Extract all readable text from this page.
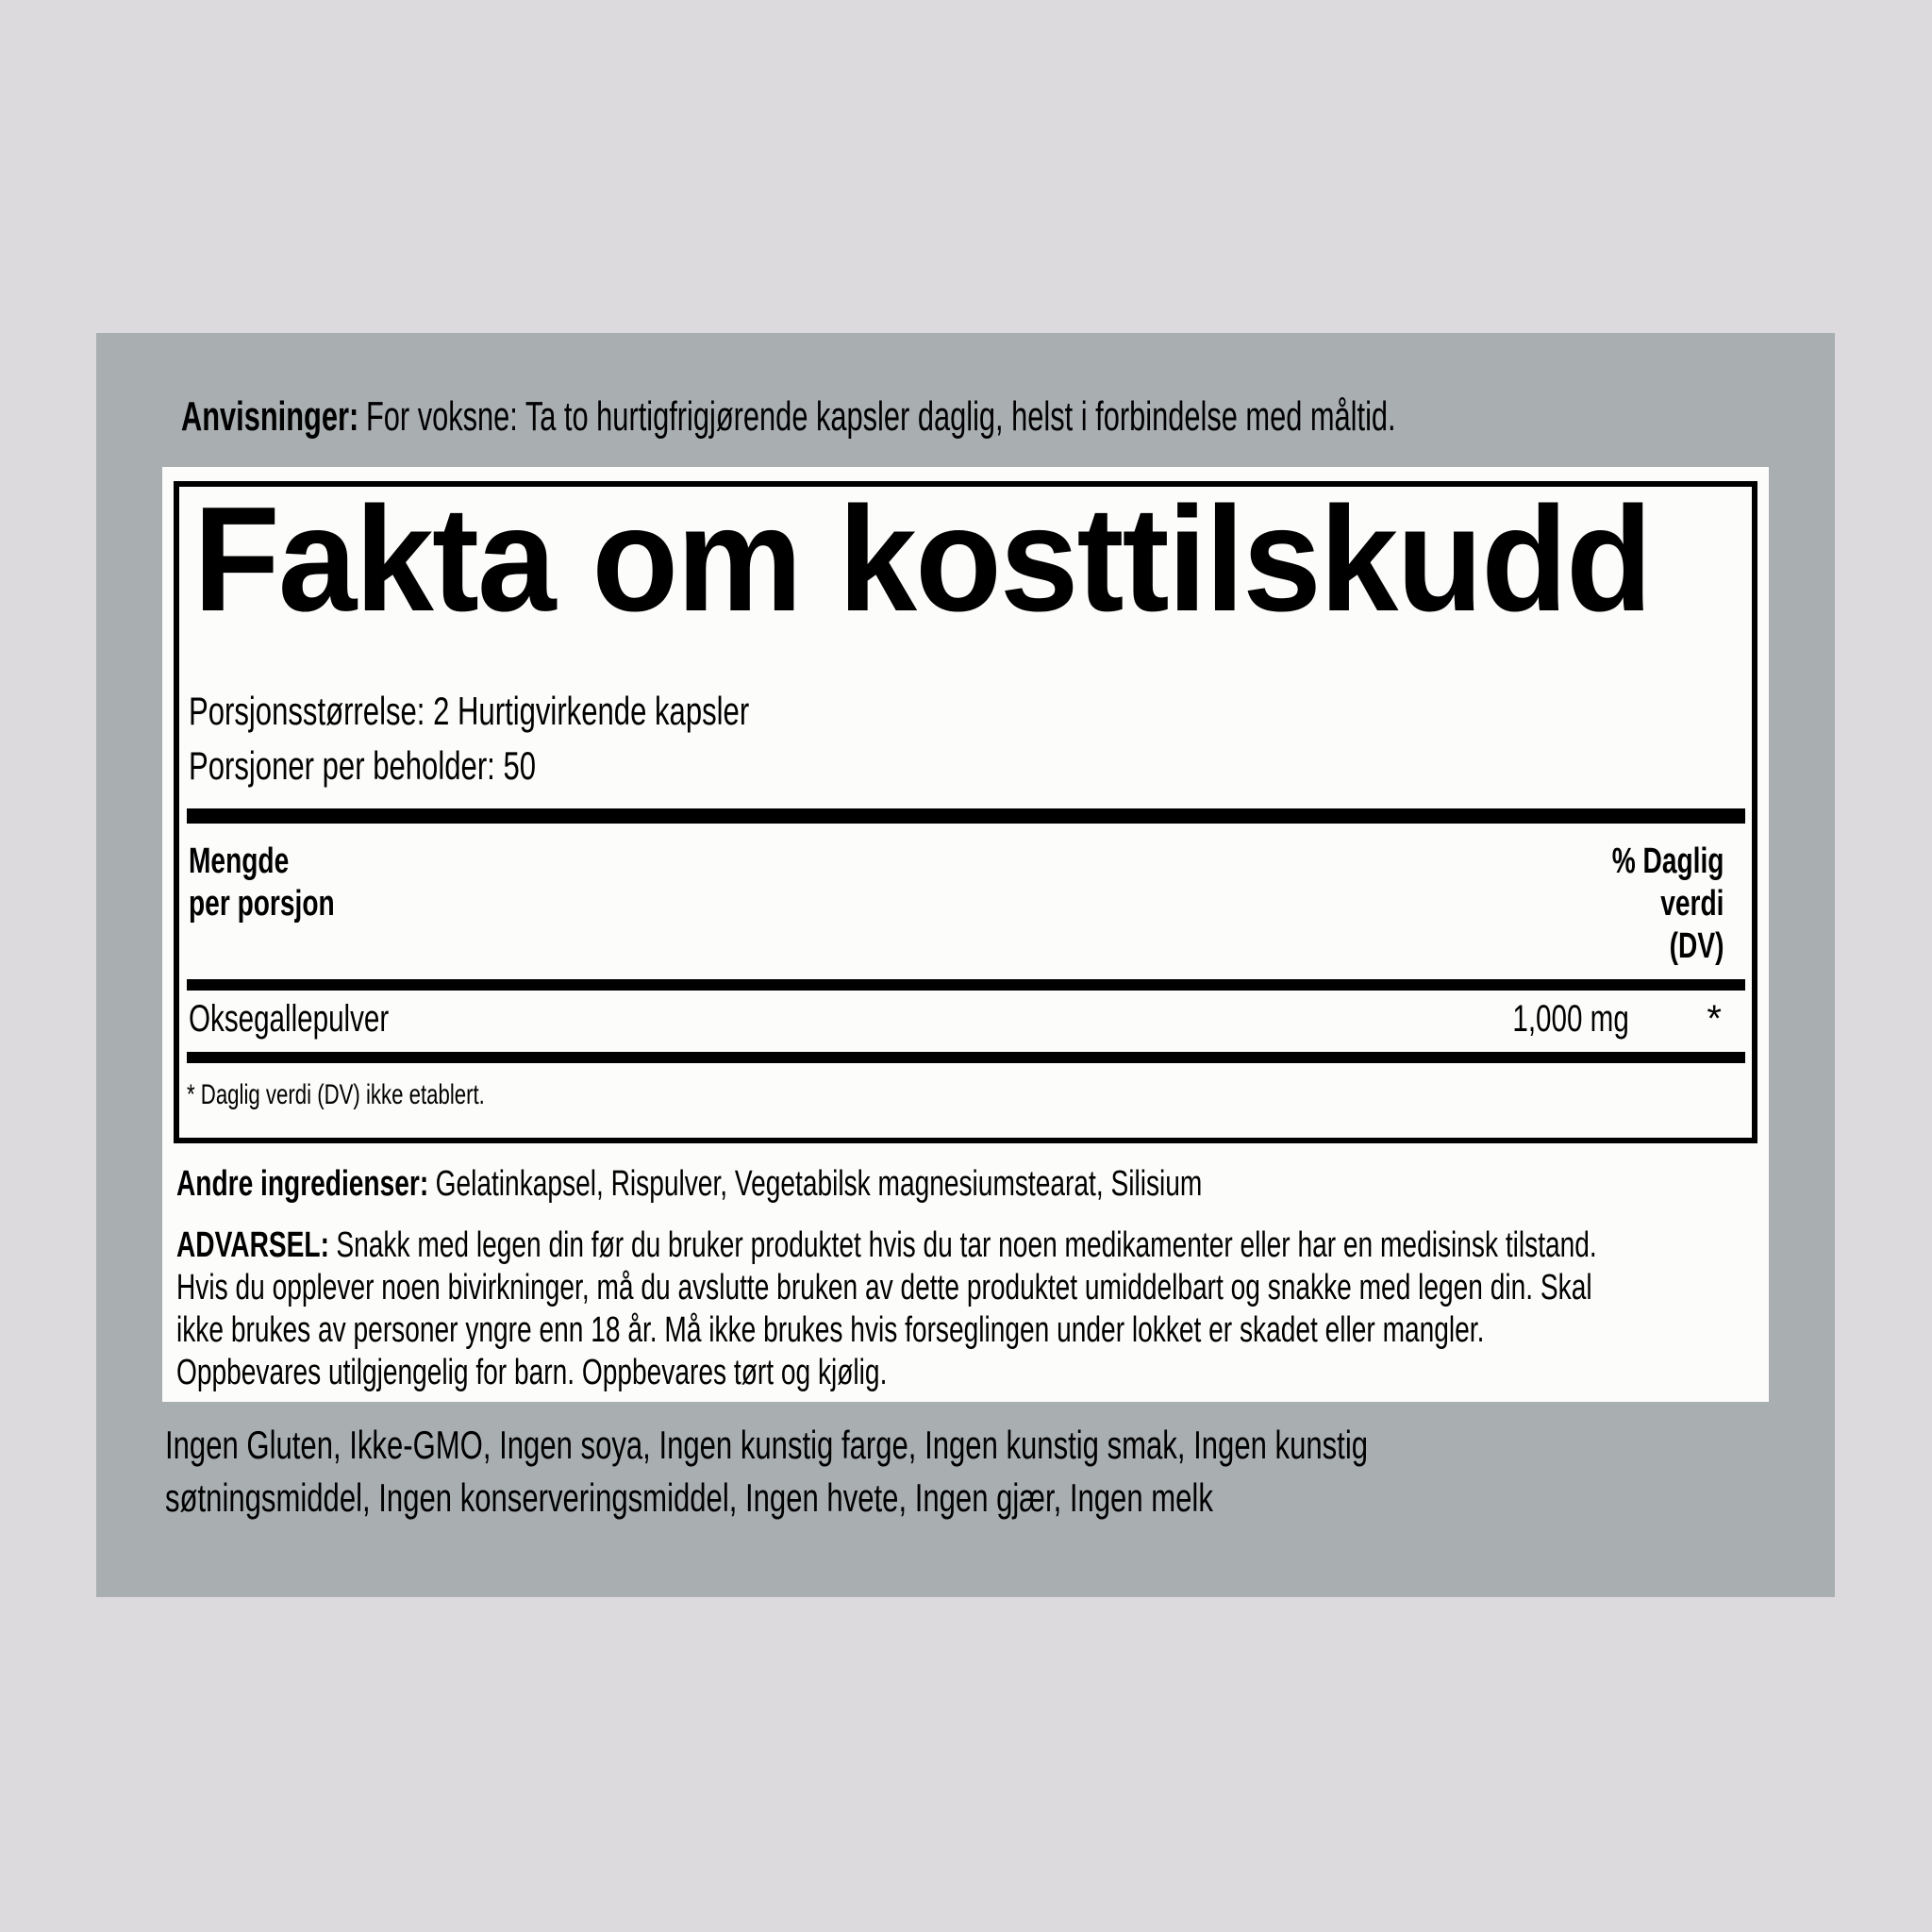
Anvisninger: For voksne: Ta to hurtigfrigjørende kapsler daglig, helst i forbindelse med måltid.
Fakta om kosttilskudd
Porsjonsstørrelse: 2 Hurtigvirkende kapsler
Porsjoner per beholder: 50
Mengde
per porsjon
% Daglig
verdi
(DV)
Oksegallepulver	1,000 mg *
* Daglig verdi (DV) ikke etablert.
Andre ingredienser: Gelatinkapsel, Rispulver, Vegetabilsk magnesiumstearat, Silisium
ADVARSEL: Snakk med legen din før du bruker produktet hvis du tar noen medikamenter eller har en medisinsk tilstand.
Hvis du opplever noen bivirkninger, må du avslutte bruken av dette produktet umiddelbart og snakke med legen din. Skal
ikke brukes av personer yngre enn 18 år. Må ikke brukes hvis forseglingen under lokket er skadet eller mangler.
Oppbevares utilgjengelig for barn. Oppbevares tørt og kjølig.
Ingen Gluten, Ikke-GMO, Ingen soya, Ingen kunstig farge, Ingen kunstig smak, Ingen kunstig
søtningsmiddel, Ingen konserveringsmiddel, Ingen hvete, Ingen gjær, Ingen melk
